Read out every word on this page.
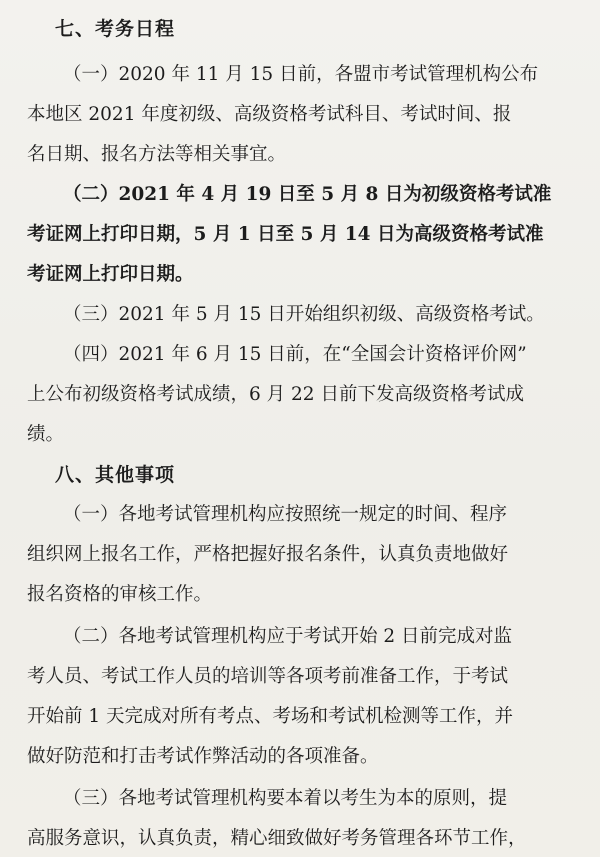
七、考务日程
（一）2020 年 11 月 15 日前，各盟市考试管理机构公布
本地区 2021 年度初级、高级资格考试科目、考试时间、报
名日期、报名方法等相关事宜。
（二）2021 年 4 月 19 日至 5 月 8 日为初级资格考试准
考证网上打印日期，5 月 1 日至 5 月 14 日为高级资格考试准
考证网上打印日期。
（三）2021 年 5 月 15 日开始组织初级、高级资格考试。
（四）2021 年 6 月 15 日前，在“全国会计资格评价网”
上公布初级资格考试成绩，6 月 22 日前下发高级资格考试成
绩。
八、其他事项
（一）各地考试管理机构应按照统一规定的时间、程序
组织网上报名工作，严格把握好报名条件，认真负责地做好
报名资格的审核工作。
（二）各地考试管理机构应于考试开始 2 日前完成对监
考人员、考试工作人员的培训等各项考前准备工作，于考试
开始前 1 天完成对所有考点、考场和考试机检测等工作，并
做好防范和打击考试作弊活动的各项准备。
（三）各地考试管理机构要本着以考生为本的原则，提
高服务意识，认真负责，精心细致做好考务管理各环节工作，
